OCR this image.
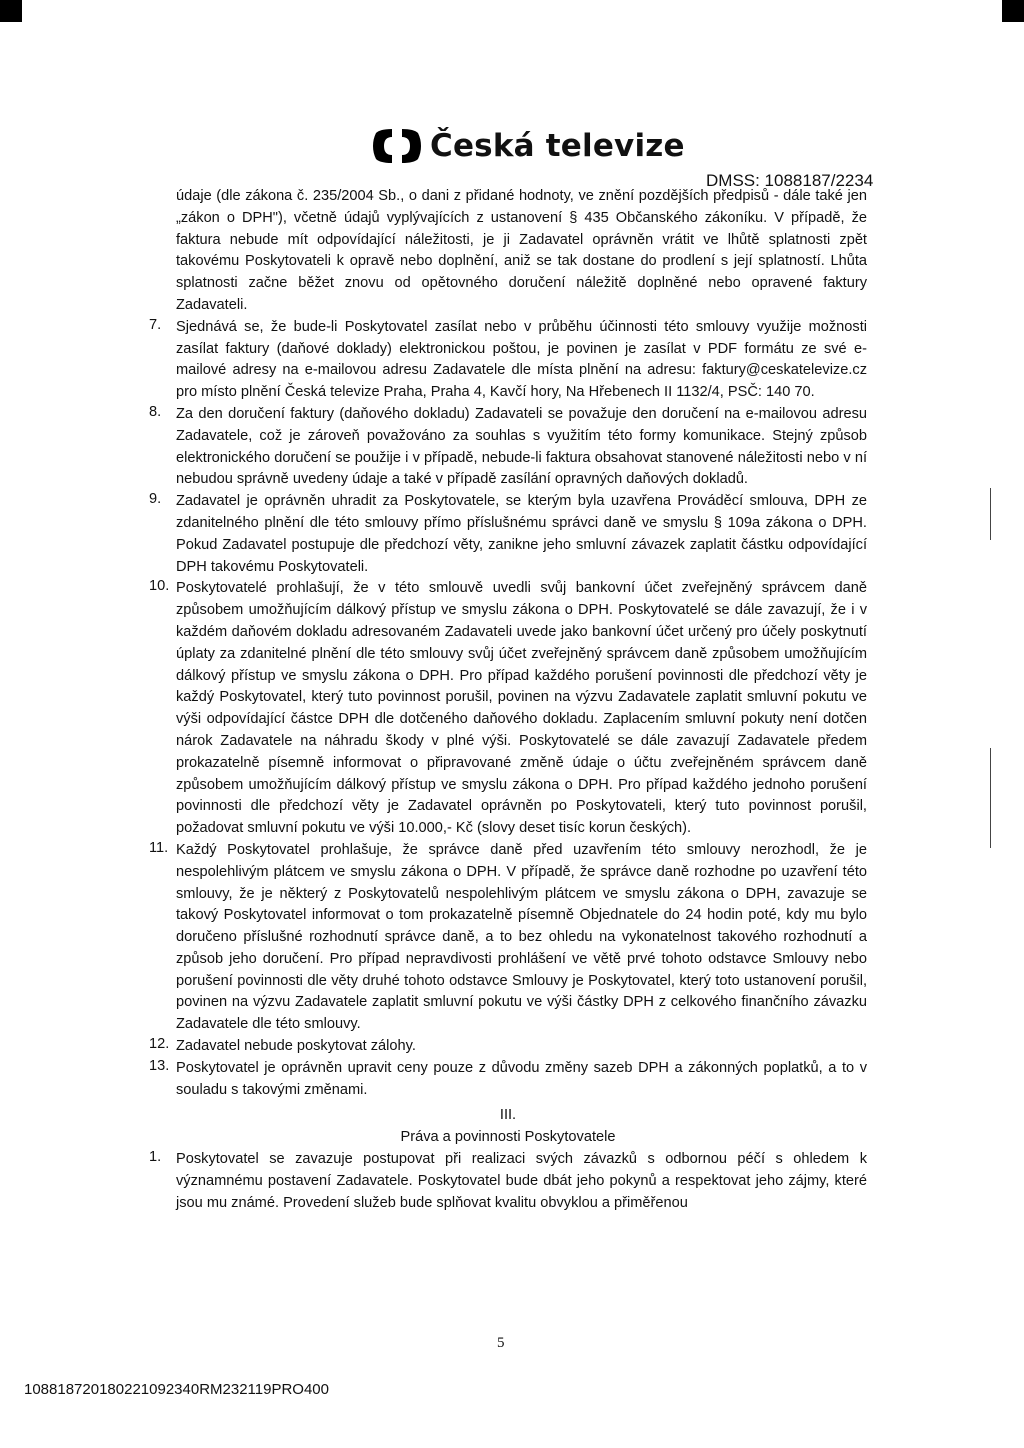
Česká televize
DMSS: 1088187/2234
údaje (dle zákona č. 235/2004 Sb., o dani z přidané hodnoty, ve znění pozdějších předpisů - dále také jen „zákon o DPH"), včetně údajů vyplývajících z ustanovení § 435 Občanského zákoníku. V případě, že faktura nebude mít odpovídající náležitosti, je ji Zadavatel oprávněn vrátit ve lhůtě splatnosti zpět takovému Poskytovateli k opravě nebo doplnění, aniž se tak dostane do prodlení s její splatností. Lhůta splatnosti začne běžet znovu od opětovného doručení náležitě doplněné nebo opravené faktury Zadavateli.
7. Sjednává se, že bude-li Poskytovatel zasílat nebo v průběhu účinnosti této smlouvy využije možnosti zasílat faktury (daňové doklady) elektronickou poštou, je povinen je zasílat v PDF formátu ze své e-mailové adresy na e-mailovou adresu Zadavatele dle místa plnění na adresu: faktury@ceskatelevize.cz pro místo plnění Česká televize Praha, Praha 4, Kavčí hory, Na Hřebenech II 1132/4, PSČ: 140 70.
8. Za den doručení faktury (daňového dokladu) Zadavateli se považuje den doručení na e-mailovou adresu Zadavatele, což je zároveň považováno za souhlas s využitím této formy komunikace. Stejný způsob elektronického doručení se použije i v případě, nebude-li faktura obsahovat stanovené náležitosti nebo v ní nebudou správně uvedeny údaje a také v případě zasílání opravných daňových dokladů.
9. Zadavatel je oprávněn uhradit za Poskytovatele, se kterým byla uzavřena Prováděcí smlouva, DPH ze zdanitelného plnění dle této smlouvy přímo příslušnému správci daně ve smyslu § 109a zákona o DPH. Pokud Zadavatel postupuje dle předchozí věty, zanikne jeho smluvní závazek zaplatit částku odpovídající DPH takovému Poskytovateli.
10. Poskytovatelé prohlašují, že v této smlouvě uvedli svůj bankovní účet zveřejněný správcem daně způsobem umožňujícím dálkový přístup ve smyslu zákona o DPH. Poskytovatelé se dále zavazují, že i v každém daňovém dokladu adresovaném Zadavateli uvede jako bankovní účet určený pro účely poskytnutí úplaty za zdanitelné plnění dle této smlouvy svůj účet zveřejněný správcem daně způsobem umožňujícím dálkový přístup ve smyslu zákona o DPH. Pro případ každého porušení povinnosti dle předchozí věty je každý Poskytovatel, který tuto povinnost porušil, povinen na výzvu Zadavatele zaplatit smluvní pokutu ve výši odpovídající částce DPH dle dotčeného daňového dokladu. Zaplacením smluvní pokuty není dotčen nárok Zadavatele na náhradu škody v plné výši. Poskytovatelé se dále zavazují Zadavatele předem prokazatelně písemně informovat o připravované změně údaje o účtu zveřejněném správcem daně způsobem umožňujícím dálkový přístup ve smyslu zákona o DPH. Pro případ každého jednoho porušení povinnosti dle předchozí věty je Zadavatel oprávněn po Poskytovateli, který tuto povinnost porušil, požadovat smluvní pokutu ve výši 10.000,- Kč (slovy deset tisíc korun českých).
11. Každý Poskytovatel prohlašuje, že správce daně před uzavřením této smlouvy nerozhodl, že je nespolehlivým plátcem ve smyslu zákona o DPH. V případě, že správce daně rozhodne po uzavření této smlouvy, že je některý z Poskytovatelů nespolehlivým plátcem ve smyslu zákona o DPH, zavazuje se takový Poskytovatel informovat o tom prokazatelně písemně Objednatele do 24 hodin poté, kdy mu bylo doručeno příslušné rozhodnutí správce daně, a to bez ohledu na vykonatelnost takového rozhodnutí a způsob jeho doručení. Pro případ nepravdivosti prohlášení ve větě prvé tohoto odstavce Smlouvy nebo porušení povinnosti dle věty druhé tohoto odstavce Smlouvy je Poskytovatel, který toto ustanovení porušil, povinen na výzvu Zadavatele zaplatit smluvní pokutu ve výši částky DPH z celkového finančního závazku Zadavatele dle této smlouvy.
12. Zadavatel nebude poskytovat zálohy.
13. Poskytovatel je oprávněn upravit ceny pouze z důvodu změny sazeb DPH a zákonných poplatků, a to v souladu s takovými změnami.
III.
Práva a povinnosti Poskytovatele
1. Poskytovatel se zavazuje postupovat při realizaci svých závazků s odbornou péčí s ohledem k významnému postavení Zadavatele. Poskytovatel bude dbát jeho pokynů a respektovat jeho zájmy, které jsou mu známé. Provedení služeb bude splňovat kvalitu obvyklou a přiměřenou
5
1088187201802210923​40RM232119PRO400
